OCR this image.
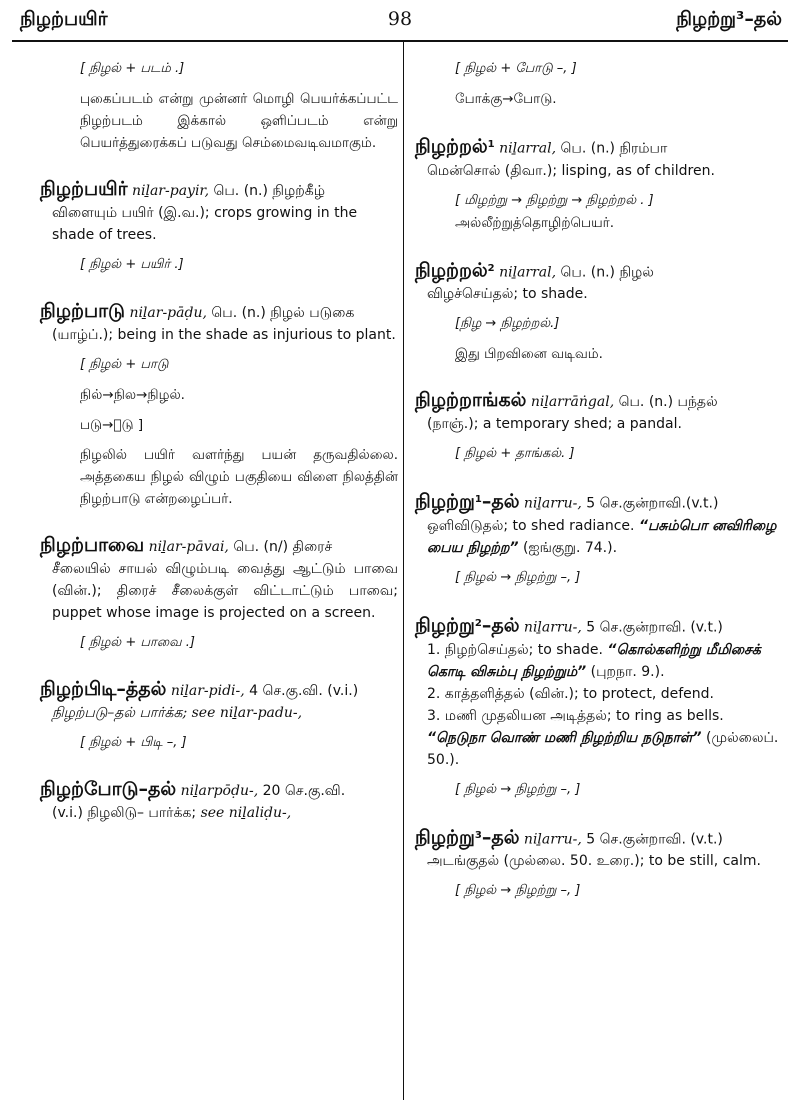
நிழற்பயிர்	98	நிழற்று³–தல்
[ நிழல் + படம் .]
புகைப்படம் என்று முன்னர் மொழி பெயர்க்கப்பட்ட நிழற்படம் இக்கால் ஒளிப்படம் என்று பெயர்த்துரைக்கப் படுவது செம்மைவடிவமாகும்.
நிழற்பயிர் niḻar-payir, பெ. (n.) நிழற்கீழ்
விளையும் பயிர் (இ.வ.); crops growing in the shade of trees.
[ நிழல் + பயிர் .]
நிழற்பாடு niḻar-pāḍu, பெ. (n.) நிழல் படுகை
(யாழ்ப்.); being in the shade as injurious to plant.
[ நிழல் + பாடு
நில்→நில→நிழல்.
படு→ாடு ]
நிழலில் பயிர் வளர்ந்து பயன் தருவதில்லை. அத்தகைய நிழல் விழும் பகுதியை விளை நிலத்தின் நிழற்பாடு என்றழைப்பர்.
நிழற்பாவை niḻar-pāvai, பெ. (n/) திரைச்
சீலையில் சாயல் விழும்படி வைத்து ஆட்டும் பாவை (வின்.); திரைச் சீலைக்குள் விட்டாட்டும் பாவை; puppet whose image is projected on a screen.
[ நிழல் + பாவை .]
நிழற்பிடி–த்தல் niḻar-pidi-, 4 செ.கு.வி. (v.i.)
நிழற்படு–தல் பார்க்க; see niḻar-padu-,
[ நிழல் + பிடி –, ]
நிழற்போடு–தல் niḻarpōḍu-, 20 செ.கு.வி.
(v.i.) நிழலிடு– பார்க்க; see niḻaliḍu-,
[ நிழல் + போடு –, ]
போக்கு→போடு.
நிழற்றல்$^1$ niḻarral, பெ. (n.) நிரம்பா
மென்சொல் (திவா.); lisping, as of children.
[ மிழற்று → நிழற்று → நிழற்றல் . ]
அல்லீற்றுத்தொழிற்பெயர்.
நிழற்றல்$^2$ niḻarral, பெ. (n.) நிழல்
விழச்செய்தல்; to shade.
[நிழ → நிழற்றல்.]
இது பிறவினை வடிவம்.
நிழற்றாங்கல் niḻarrāṅgal, பெ. (n.) பந்தல்
(நாஞ்.); a temporary shed; a pandal.
[ நிழல் + தாங்கல். ]
நிழற்று$^1$–தல் niḻarru-, 5 செ.குன்றாவி.(v.t.)
ஒளிவிடுதல்; to shed radiance. “பசும்பொ னவிரிழை பைய நிழற்ற” (ஐங்குறு. 74.).
[ நிழல் → நிழற்று –, ]
நிழற்று$^2$–தல் niḻarru-, 5 செ.குன்றாவி. (v.t.)
1. நிழற்செய்தல்; to shade. “கொல்களிற்று மீமிசைக் கொடி விசும்பு நிழற்றும்” (புறநா. 9.).
2. காத்தளித்தல் (வின்.); to protect, defend.
3. மணி முதலியன அடித்தல்; to ring as bells. “நெடுநா வொண் மணி நிழற்றிய நடுநாள்” (முல்லைப். 50.).
[ நிழல் → நிழற்று –, ]
நிழற்று$^3$–தல் niḻarru-, 5 செ.குன்றாவி. (v.t.)
அடங்குதல் (முல்லை. 50. உரை.); to be still, calm.
[ நிழல் → நிழற்று –, ]
